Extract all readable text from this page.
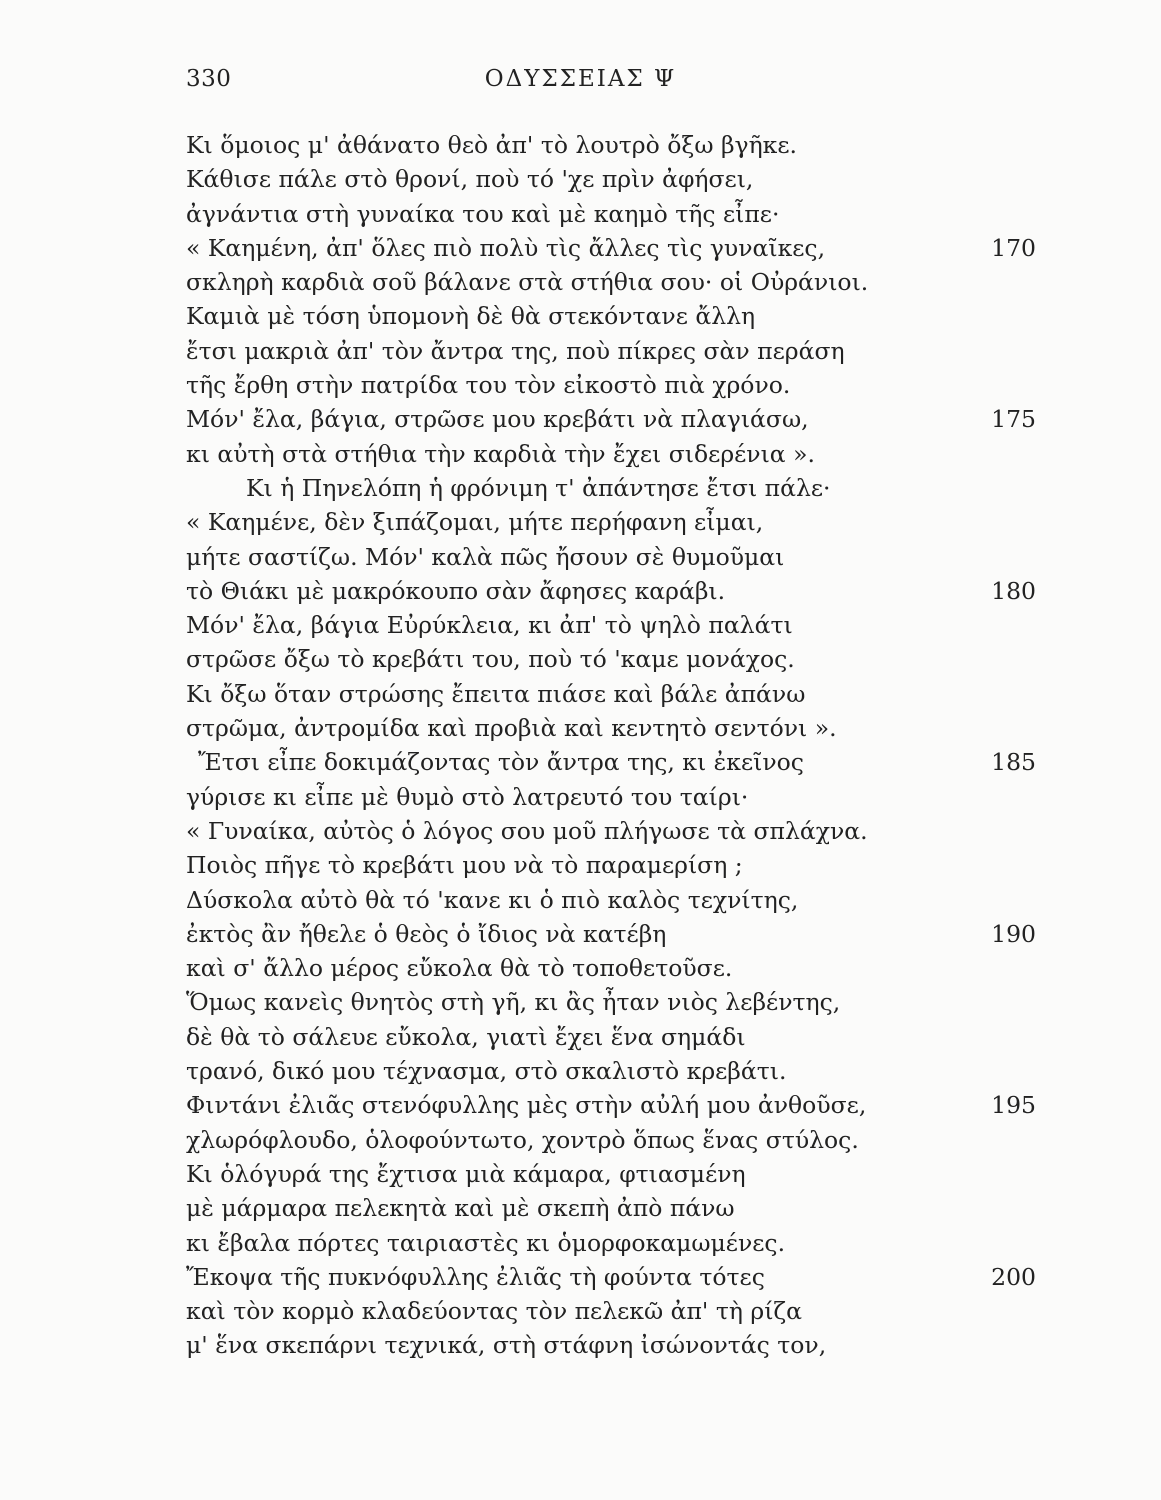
330	ΟΔΥΣΣΕΙΑΣ Ψ
Κι ὅμοιος μ' ἀθάνατο θεὸ ἀπ' τὸ λουτρὸ ὄξω βγῆκε.
Κάθισε πάλε στὸ θρονί, ποὺ τό 'χε πρὶν ἀφήσει,
ἀγνάντια στὴ γυναίκα του καὶ μὲ καημὸ τῆς εἶπε·
« Καημένη, ἀπ' ὅλες πιὸ πολὺ τὶς ἄλλες τὶς γυναῖκες,	170
σκληρὴ καρδιὰ σοῦ βάλανε στὰ στήθια σου· οἱ Οὐράνιοι.
Καμιὰ μὲ τόση ὑπομονὴ δὲ θὰ στεκόντανε ἄλλη
ἔτσι μακριὰ ἀπ' τὸν ἄντρα της, ποὺ πίκρες σὰν περάση
τῆς ἔρθη στὴν πατρίδα του τὸν εἰκοστὸ πιὰ χρόνο.
Μόν' ἔλα, βάγια, στρῶσε μου κρεβάτι νὰ πλαγιάσω,	175
κι αὐτὴ στὰ στήθια τὴν καρδιὰ τὴν ἔχει σιδερένια ».
Κι ἡ Πηνελόπη ἡ φρόνιμη τ' ἀπάντησε ἔτσι πάλε·
« Καημένε, δὲν ξιπάζομαι, μήτε περήφανη εἶμαι,
μήτε σαστίζω. Μόν' καλὰ πῶς ἤσουν σὲ θυμοῦμαι
τὸ Θιάκι μὲ μακρόκουπο σὰν ἄφησες καράβι.	180
Μόν' ἔλα, βάγια Εὐρύκλεια, κι ἀπ' τὸ ψηλὸ παλάτι
στρῶσε ὄξω τὸ κρεβάτι του, ποὺ τό 'καμε μονάχος.
Κι ὄξω ὅταν στρώσης ἔπειτα πιάσε καὶ βάλε ἀπάνω
στρῶμα, ἀντρομίδα καὶ προβιὰ καὶ κεντητὸ σεντόνι ».
Ἔτσι εἶπε δοκιμάζοντας τὸν ἄντρα της, κι ἐκεῖνος	185
γύρισε κι εἶπε μὲ θυμὸ στὸ λατρευτό του ταίρι·
« Γυναίκα, αὐτὸς ὁ λόγος σου μοῦ πλήγωσε τὰ σπλάχνα.
Ποιὸς πῆγε τὸ κρεβάτι μου νὰ τὸ παραμερίση ;
Δύσκολα αὐτὸ θὰ τό 'κανε κι ὁ πιὸ καλὸς τεχνίτης,
ἐκτὸς ἂν ἤθελε ὁ θεὸς ὁ ἴδιος νὰ κατέβη	190
καὶ σ' ἄλλο μέρος εὔκολα θὰ τὸ τοποθετοῦσε.
Ὅμως κανεὶς θνητὸς στὴ γῆ, κι ἂς ἦταν νιὸς λεβέντης,
δὲ θὰ τὸ σάλευε εὔκολα, γιατὶ ἔχει ἕνα σημάδι
τρανό, δικό μου τέχνασμα, στὸ σκαλιστὸ κρεβάτι.
Φιντάνι ἐλιᾶς στενόφυλλης μὲς στὴν αὐλή μου ἀνθοῦσε,	195
χλωρόφλουδο, ὁλοφούντωτο, χοντρὸ ὅπως ἕνας στύλος.
Κι ὁλόγυρά της ἔχτισα μιὰ κάμαρα, φτιασμένη
μὲ μάρμαρα πελεκητὰ καὶ μὲ σκεπὴ ἀπὸ πάνω
κι ἔβαλα πόρτες ταιριαστὲς κι ὁμορφοκαμωμένες.
Ἔκοψα τῆς πυκνόφυλλης ἐλιᾶς τὴ φούντα τότες	200
καὶ τὸν κορμὸ κλαδεύοντας τὸν πελεκῶ ἀπ' τὴ ρίζα
μ' ἕνα σκεπάρνι τεχνικά, στὴ στάφνη ἰσώνοντάς τον,
